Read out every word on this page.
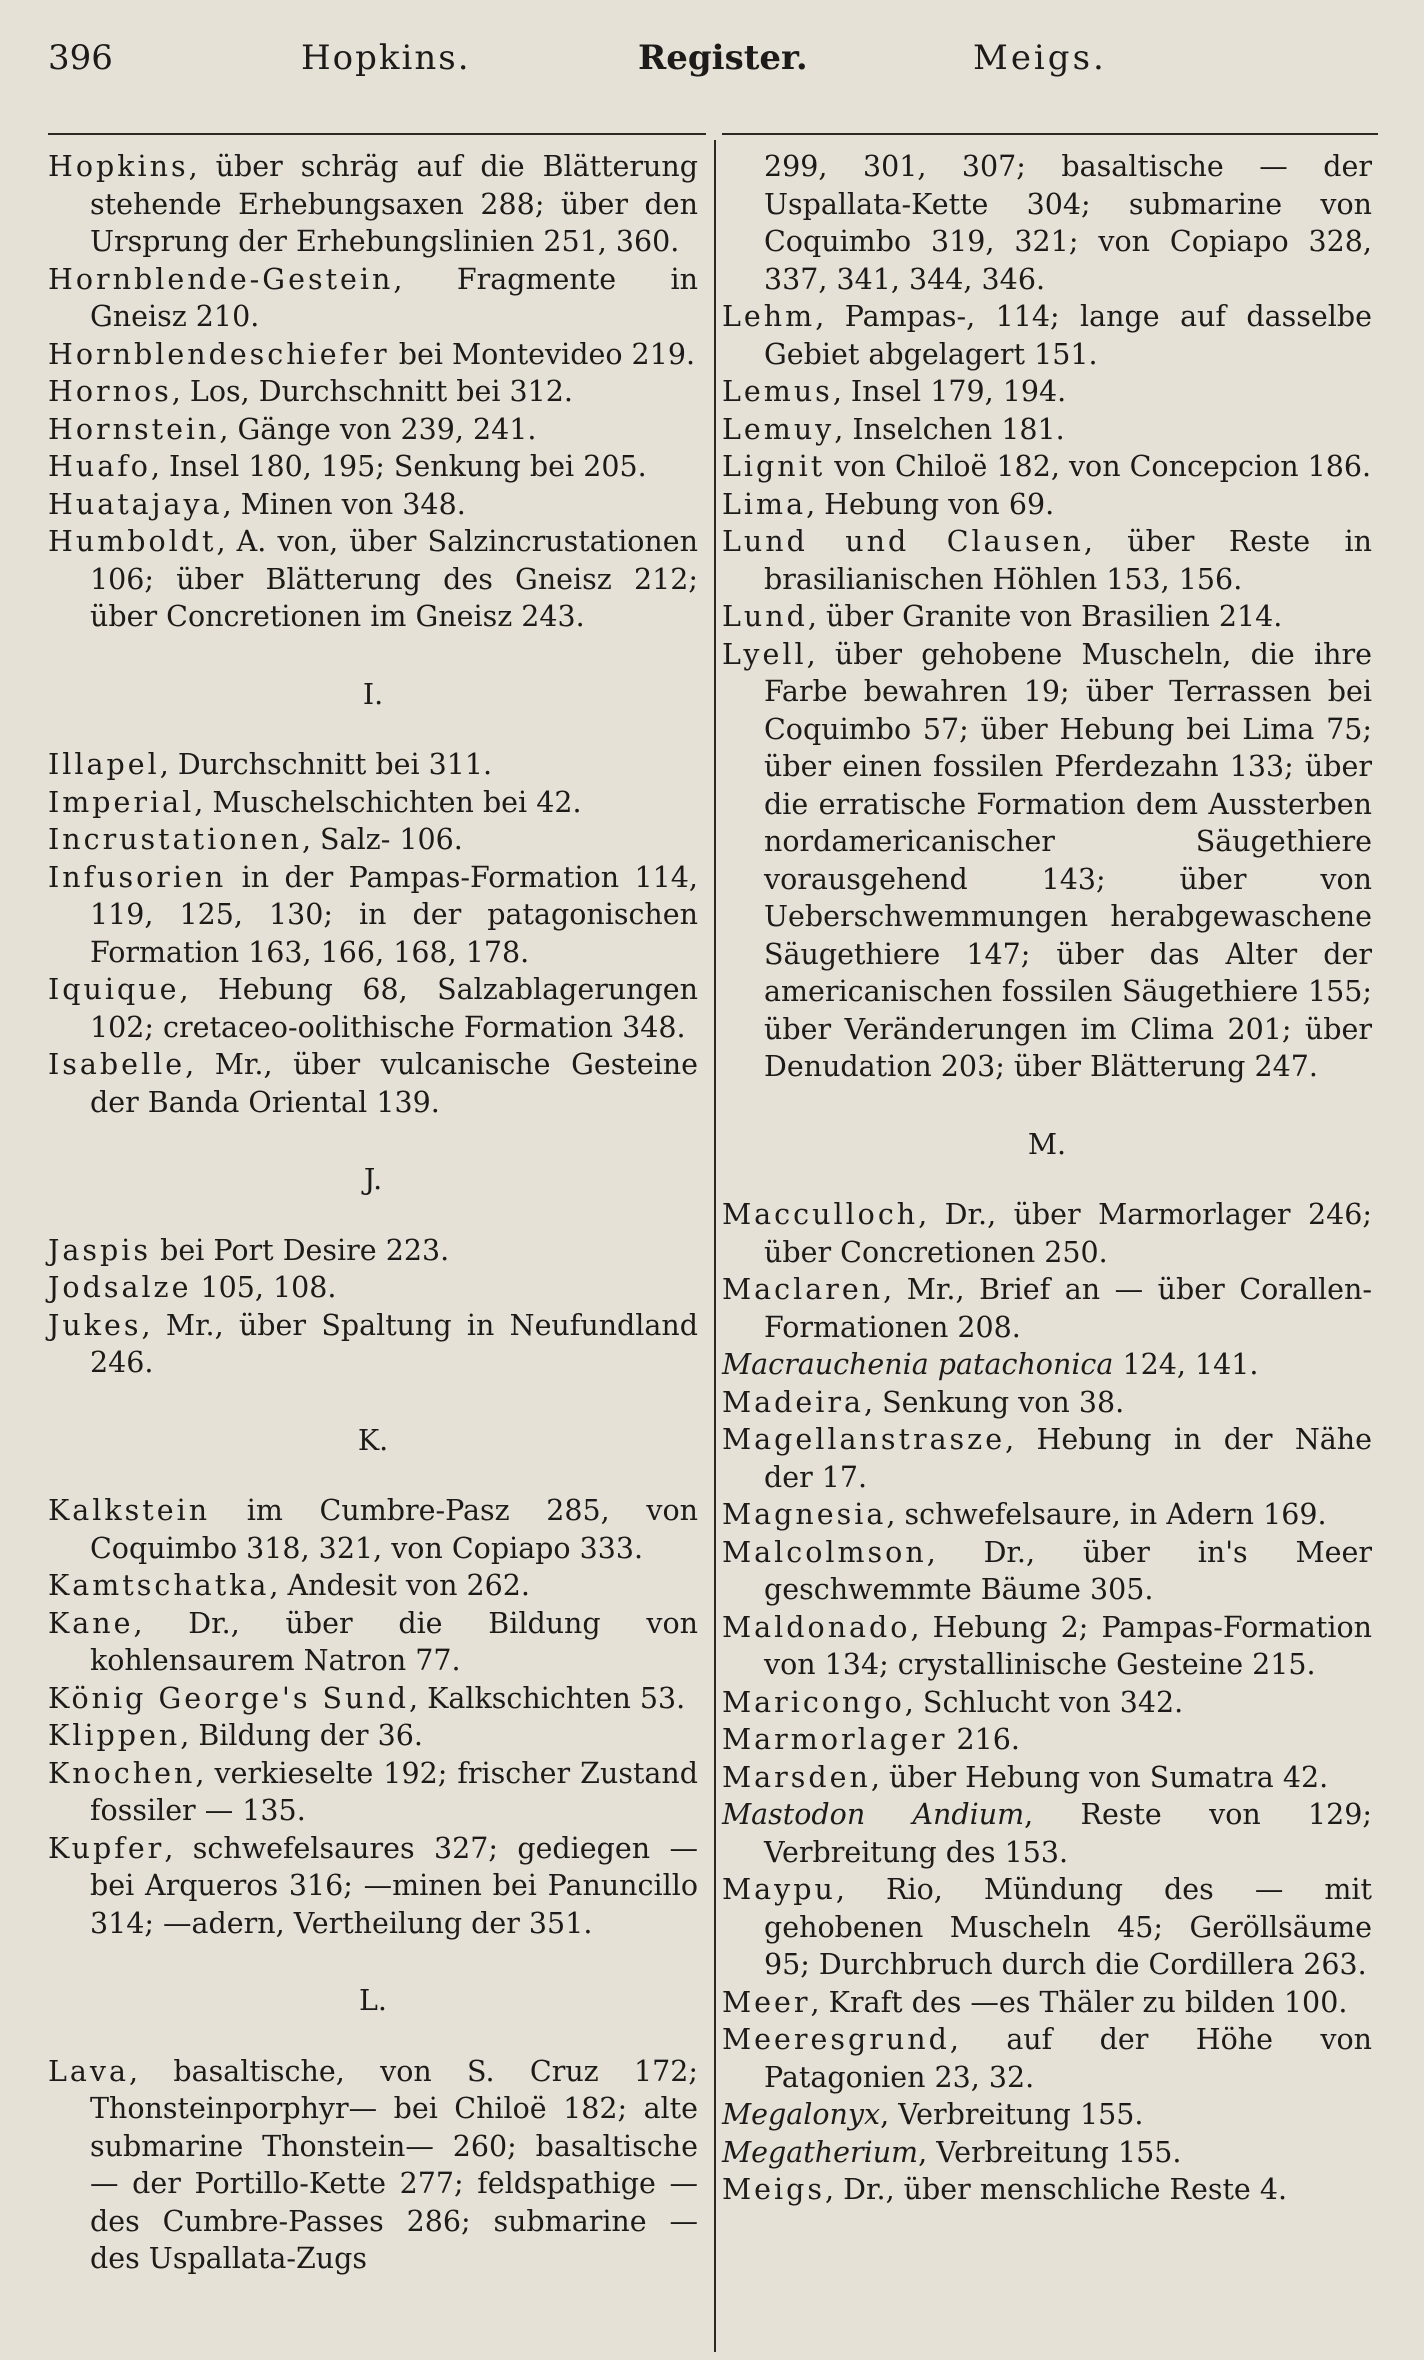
396	Hopkins.	Register.	Meigs.
Hopkins, über schräg auf die Blätterung stehende Erhebungsaxen 288; über den Ursprung der Erhebungslinien 251, 360.
Hornblende-Gestein, Fragmente in Gneisz 210.
Hornblendeschiefer bei Montevideo 219.
Hornos, Los, Durchschnitt bei 312.
Hornstein, Gänge von 239, 241.
Huafo, Insel 180, 195; Senkung bei 205.
Huatajaya, Minen von 348.
Humboldt, A. von, über Salzincrustationen 106; über Blätterung des Gneisz 212; über Concretionen im Gneisz 243.
I.
Illapel, Durchschnitt bei 311.
Imperial, Muschelschichten bei 42.
Incrustationen, Salz- 106.
Infusorien in der Pampas-Formation 114, 119, 125, 130; in der patagonischen Formation 163, 166, 168, 178.
Iquique, Hebung 68, Salzablagerungen 102; cretaceo-oolithische Formation 348.
Isabelle, Mr., über vulcanische Gesteine der Banda Oriental 139.
J.
Jaspis bei Port Desire 223.
Jodsalze 105, 108.
Jukes, Mr., über Spaltung in Neufundland 246.
K.
Kalkstein im Cumbre-Pasz 285, von Coquimbo 318, 321, von Copiapo 333.
Kamtschatka, Andesit von 262.
Kane, Dr., über die Bildung von kohlensaurem Natron 77.
König George's Sund, Kalkschichten 53.
Klippen, Bildung der 36.
Knochen, verkieselte 192; frischer Zustand fossiler — 135.
Kupfer, schwefelsaures 327; gediegen — bei Arqueros 316; —minen bei Panuncillo 314; —adern, Vertheilung der 351.
L.
Lava, basaltische, von S. Cruz 172; Thonsteinporphyr— bei Chiloë 182; alte submarine Thonstein— 260; basaltische — der Portillo-Kette 277; feldspathige — des Cumbre-Passes 286; submarine — des Uspallata-Zugs
299, 301, 307; basaltische — der Uspallata-Kette 304; submarine von Coquimbo 319, 321; von Copiapo 328, 337, 341, 344, 346.
Lehm, Pampas-, 114; lange auf dasselbe Gebiet abgelagert 151.
Lemus, Insel 179, 194.
Lemuy, Inselchen 181.
Lignit von Chiloë 182, von Concepcion 186.
Lima, Hebung von 69.
Lund und Clausen, über Reste in brasilianischen Höhlen 153, 156.
Lund, über Granite von Brasilien 214.
Lyell, über gehobene Muscheln, die ihre Farbe bewahren 19; über Terrassen bei Coquimbo 57; über Hebung bei Lima 75; über einen fossilen Pferdezahn 133; über die erratische Formation dem Aussterben nordamericanischer Säugethiere vorausgehend 143; über von Ueberschwemmungen herabgewaschene Säugethiere 147; über das Alter der americanischen fossilen Säugethiere 155; über Veränderungen im Clima 201; über Denudation 203; über Blätterung 247.
M.
Macculloch, Dr., über Marmorlager 246; über Concretionen 250.
Maclaren, Mr., Brief an — über Corallen-Formationen 208.
Macrauchenia patachonica 124, 141.
Madeira, Senkung von 38.
Magellanstrasze, Hebung in der Nähe der 17.
Magnesia, schwefelsaure, in Adern 169.
Malcolmson, Dr., über in's Meer geschwemmte Bäume 305.
Maldonado, Hebung 2; Pampas-Formation von 134; crystallinische Gesteine 215.
Maricongo, Schlucht von 342.
Marmorlager 216.
Marsden, über Hebung von Sumatra 42.
Mastodon Andium, Reste von 129; Verbreitung des 153.
Maypu, Rio, Mündung des — mit gehobenen Muscheln 45; Geröllsäume 95; Durchbruch durch die Cordillera 263.
Meer, Kraft des —es Thäler zu bilden 100.
Meeresgrund, auf der Höhe von Patagonien 23, 32.
Megalonyx, Verbreitung 155.
Megatherium, Verbreitung 155.
Meigs, Dr., über menschliche Reste 4.
